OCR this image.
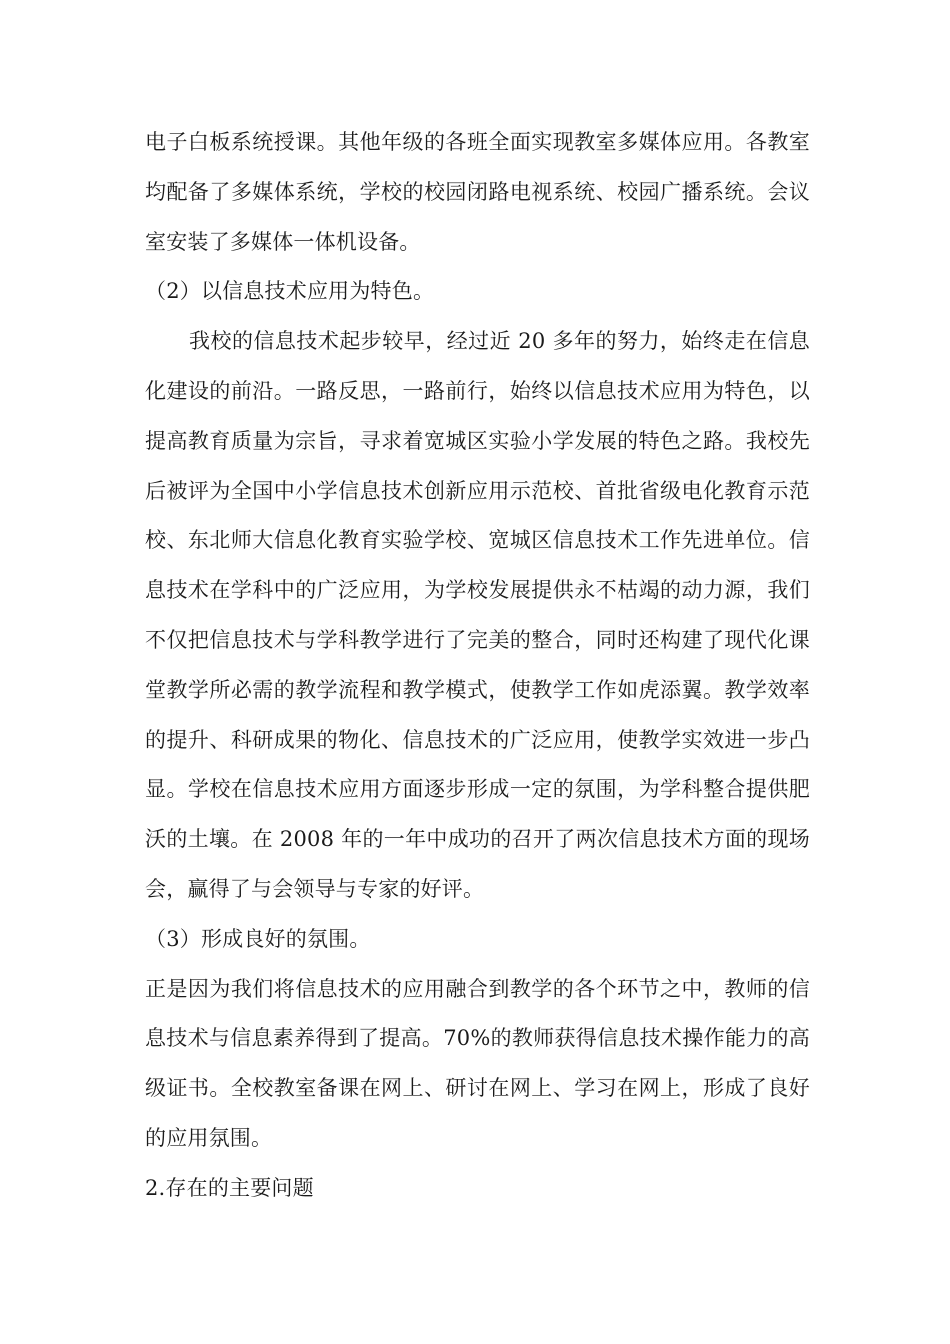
电子白板系统授课。其他年级的各班全面实现教室多媒体应用。各教室均配备了多媒体系统，学校的校园闭路电视系统、校园广播系统。会议室安装了多媒体一体机设备。

（2）以信息技术应用为特色。

我校的信息技术起步较早，经过近 20 多年的努力，始终走在信息化建设的前沿。一路反思，一路前行，始终以信息技术应用为特色，以提高教育质量为宗旨，寻求着宽城区实验小学发展的特色之路。我校先后被评为全国中小学信息技术创新应用示范校、首批省级电化教育示范校、东北师大信息化教育实验学校、宽城区信息技术工作先进单位。信息技术在学科中的广泛应用，为学校发展提供永不枯竭的动力源，我们不仅把信息技术与学科教学进行了完美的整合，同时还构建了现代化课堂教学所必需的教学流程和教学模式，使教学工作如虎添翼。教学效率的提升、科研成果的物化、信息技术的广泛应用，使教学实效进一步凸显。学校在信息技术应用方面逐步形成一定的氛围，为学科整合提供肥沃的土壤。在 2008 年的一年中成功的召开了两次信息技术方面的现场会，赢得了与会领导与专家的好评。

（3）形成良好的氛围。

正是因为我们将信息技术的应用融合到教学的各个环节之中，教师的信息技术与信息素养得到了提高。70%的教师获得信息技术操作能力的高级证书。全校教室备课在网上、研讨在网上、学习在网上，形成了良好的应用氛围。

2.存在的主要问题
